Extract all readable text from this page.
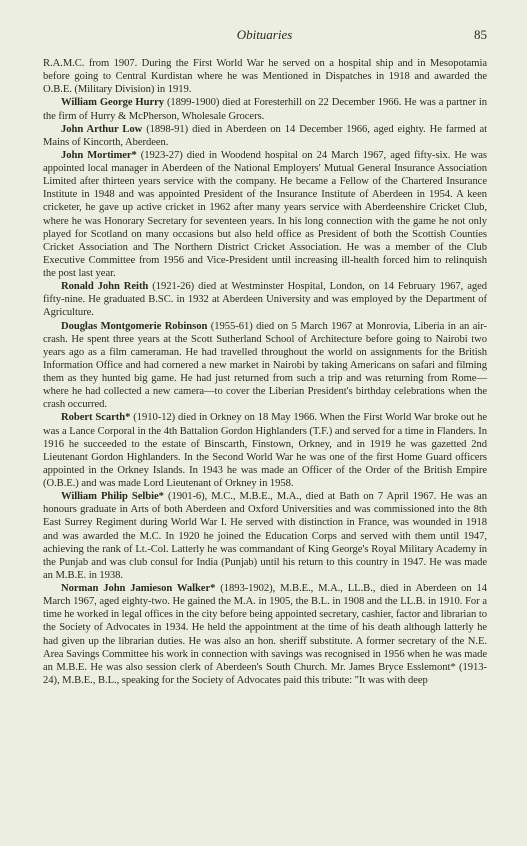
Obituaries	85

R.A.M.C. from 1907. During the First World War he served on a hospital ship and in Mesopotamia before going to Central Kurdistan where he was Mentioned in Dispatches in 1918 and awarded the O.B.E. (Military Division) in 1919.

William George Hurry (1899-1900) died at Foresterhill on 22 December 1966. He was a partner in the firm of Hurry & McPherson, Wholesale Grocers.

John Arthur Low (1898-91) died in Aberdeen on 14 December 1966, aged eighty. He farmed at Mains of Kincorth, Aberdeen.

John Mortimer* (1923-27) died in Woodend hospital on 24 March 1967, aged fifty-six. He was appointed local manager in Aberdeen of the National Employers' Mutual General Insurance Association Limited after thirteen years service with the company. He became a Fellow of the Chartered Insurance Institute in 1948 and was appointed President of the Insurance Institute of Aberdeen in 1954. A keen cricketer, he gave up active cricket in 1962 after many years service with Aberdeenshire Cricket Club, where he was Honorary Secretary for seventeen years. In his long connection with the game he not only played for Scotland on many occasions but also held office as President of both the Scottish Counties Cricket Association and The Northern District Cricket Association. He was a member of the Club Executive Committee from 1956 and Vice-President until increasing ill-health forced him to relinquish the post last year.

Ronald John Reith (1921-26) died at Westminster Hospital, London, on 14 February 1967, aged fifty-nine. He graduated B.SC. in 1932 at Aberdeen University and was employed by the Department of Agriculture.

Douglas Montgomerie Robinson (1955-61) died on 5 March 1967 at Monrovia, Liberia in an air-crash. He spent three years at the Scott Sutherland School of Architecture before going to Nairobi two years ago as a film cameraman. He had travelled throughout the world on assignments for the British Information Office and had cornered a new market in Nairobi by taking Americans on safari and filming them as they hunted big game. He had just returned from such a trip and was returning from Rome—where he had collected a new camera—to cover the Liberian President's birthday celebrations when the crash occurred.

Robert Scarth* (1910-12) died in Orkney on 18 May 1966. When the First World War broke out he was a Lance Corporal in the 4th Battalion Gordon Highlanders (T.F.) and served for a time in Flanders. In 1916 he succeeded to the estate of Binscarth, Finstown, Orkney, and in 1919 he was gazetted 2nd Lieutenant Gordon Highlanders. In the Second World War he was one of the first Home Guard officers appointed in the Orkney Islands. In 1943 he was made an Officer of the Order of the British Empire (O.B.E.) and was made Lord Lieutenant of Orkney in 1958.

William Philip Selbie* (1901-6), M.C., M.B.E., M.A., died at Bath on 7 April 1967. He was an honours graduate in Arts of both Aberdeen and Oxford Universities and was commissioned into the 8th East Surrey Regiment during World War I. He served with distinction in France, was wounded in 1918 and was awarded the M.C. In 1920 he joined the Education Corps and served with them until 1947, achieving the rank of Lt.-Col. Latterly he was commandant of King George's Royal Military Academy in the Punjab and was club consul for India (Punjab) until his return to this country in 1947. He was made an M.B.E. in 1938.

Norman John Jamieson Walker* (1893-1902), M.B.E., M.A., LL.B., died in Aberdeen on 14 March 1967, aged eighty-two. He gained the M.A. in 1905, the B.L. in 1908 and the LL.B. in 1910. For a time he worked in legal offices in the city before being appointed secretary, cashier, factor and librarian to the Society of Advocates in 1934. He held the appointment at the time of his death although latterly he had given up the librarian duties. He was also an hon. sheriff substitute. A former secretary of the N.E. Area Savings Committee his work in connection with savings was recognised in 1956 when he was made an M.B.E. He was also session clerk of Aberdeen's South Church. Mr. James Bryce Esslemont* (1913-24), M.B.E., B.L., speaking for the Society of Advocates paid this tribute: "It was with deep
